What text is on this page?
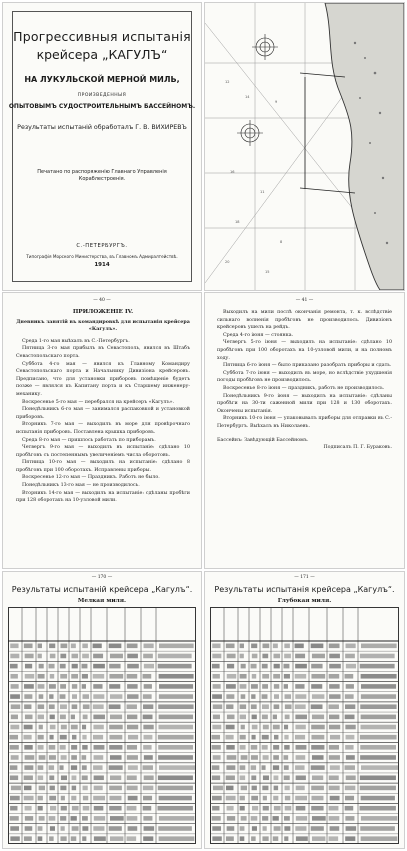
Прогрессивныя испытанія
крейсера „КАГУЛЪ“
НА ЛУКУЛЬСКОЙ МЕРНОЙ МИЛЬ,
ПРОИЗВЕДЕННЫЯ
ОПЫТОВЫМЪ СУДОСТРОИТЕЛЬНЫМЪ БАССЕЙНОМЪ.
Результаты испытаній обработалъ Г. В. ВИХИРЕВЪ
Печатано по распоряженію Главнаго Управленія Кораблестроенія.
С.-ПЕТЕРБУРГЪ.
Типографія Морского Министерства, въ Главномъ Адмиралтействѣ.
1914
12
14
9
16
11
18
8
20
15
— 40 —

ПРИЛОЖЕНІЕ IV.

Дневникъ занятій въ командировкѣ для испытанія крейсера «Кагулъ».

Среда 1-го мая выѣхалъ въ С.-Петербургъ.

Пятница 3-го мая прибылъ въ Севастополь, явился въ Штабъ Севастопольскаго порта.

Суббота 4-го мая — явился къ Главному Командиру Севастопольскаго порта и Начальнику Дивизіона крейсеровъ. Предписано, что для установки приборовъ помѣщеніе будетъ позже — являлся къ Капитану порта и къ Старшему инженеру-механику.

Воскресенье 5-го мая — перебрался на крейсеръ «Кагулъ».

Понедѣльникъ 6-го мая — занимался распаковкой и установкой приборовъ.

Вторникъ 7-го мая — выходилъ въ море для провѣрочнаго испытанія приборовъ. Поставлена крышка приборовъ.

Среда 8-го мая — пришлось работать по приборамъ.

Четвергъ 9-го мая — выходилъ въ испытаніе: сдѣлано 10 пробѣговъ съ постепеннымъ увеличеніемъ числа оборотовъ.

Пятница 10-го мая — выходилъ на испытаніе: сдѣлано 8 пробѣговъ при 100 оборотахъ. Исправлены приборы.

Воскресенье 12-го мая — Праздникъ. Работъ не было.

Понедѣльникъ 13-го мая — не производилось.

Вторникъ 14-го мая — выходилъ на испытаніе: сдѣланы пробѣги при 128 оборотахъ на 10-узловой мили.

— 41 —

Выходилъ на мили послѣ окончанія ремонта, т. к. вслѣдствіе сильнаго волненія пробѣговъ не производилось. Дивизіонъ крейсеровъ ушелъ на рейдъ.

Среда 4-го іюня — стоянка.

Четвергъ 5-го іюня — выходилъ на испытаніе: сдѣлано 10 пробѣговъ при 100 оборотахъ на 10-узловой мили, и на полномъ ходу.

Пятница 6-го іюня — было приказано разобрать приборы и сдать.

Суббота 7-го іюня — выходилъ въ море, но вслѣдствіе ухудшенія погоды пробѣговъ не производилось.

Воскресенье 8-го іюня — праздникъ, работъ не производилось.

Понедѣльникъ 9-го іюня — выходилъ на испытаніе: сдѣланы пробѣги на 30-ти саженной мили при 128 и 130 оборотахъ. Окончены испытанія.

Вторникъ 10-го іюня — упаковывалъ приборы для отправки въ С.-Петербургъ. Выѣхалъ въ Николаевъ.

Бассейнъ: Завѣдующій Бассейномъ.

Подписалъ П. Г. Бураковъ.

— 170 —
Результаты испытаній крейсера „Кагулъ“.
Мелкая миля.
— 171 —
Результаты испытанія крейсера „Кагулъ“.
Глубокая миля.
